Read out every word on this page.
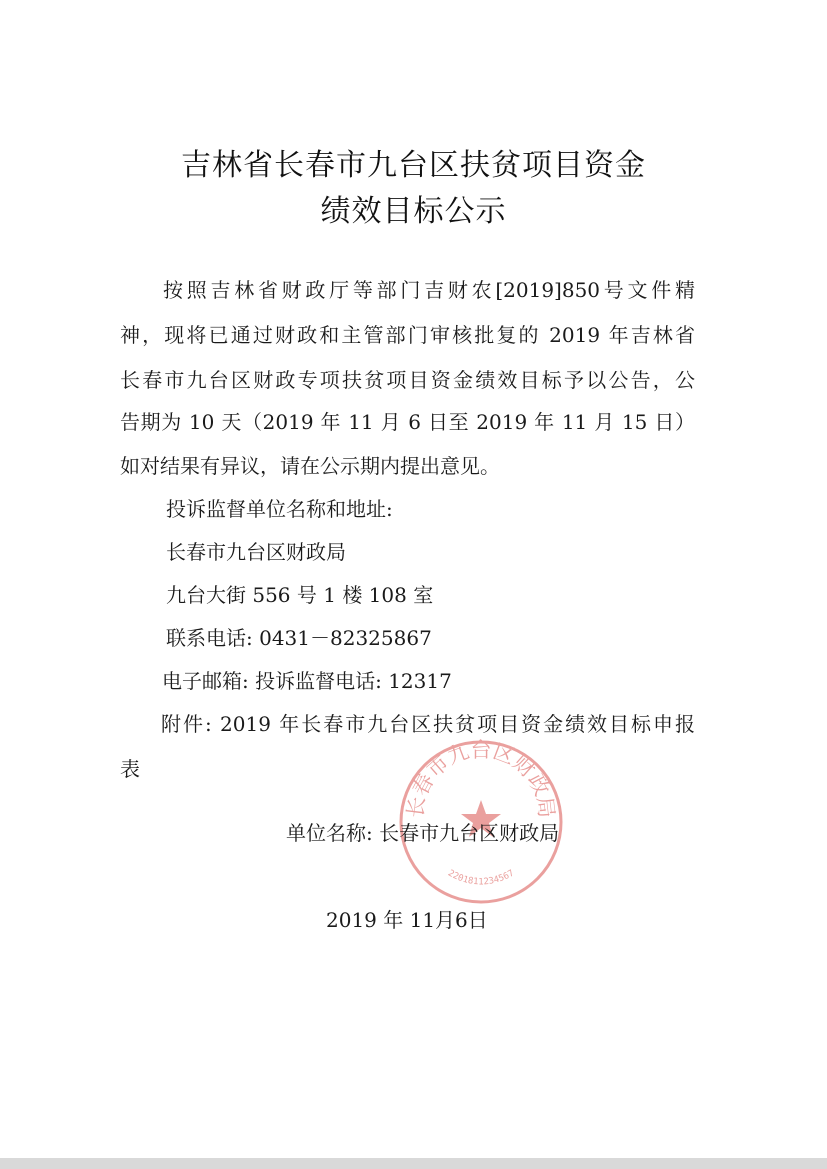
吉林省长春市九台区扶贫项目资金
绩效目标公示
按照吉林省财政厅等部门吉财农[2019]850号文件精
神，现将已通过财政和主管部门审核批复的 2019 年吉林省
长春市九台区财政专项扶贫项目资金绩效目标予以公告，公
告期为 10 天（2019 年 11 月 6 日至 2019 年 11 月 15 日）
如对结果有异议，请在公示期内提出意见。
投诉监督单位名称和地址:
长春市九台区财政局
九台大街 556 号 1 楼 108 室
联系电话: 0431－82325867
电子邮箱: 投诉监督电话: 12317
附件: 2019 年长春市九台区扶贫项目资金绩效目标申报
表
长春市九台区财政局
2201811234567
单位名称: 长春市九台区财政局
2019 年 11月6日
